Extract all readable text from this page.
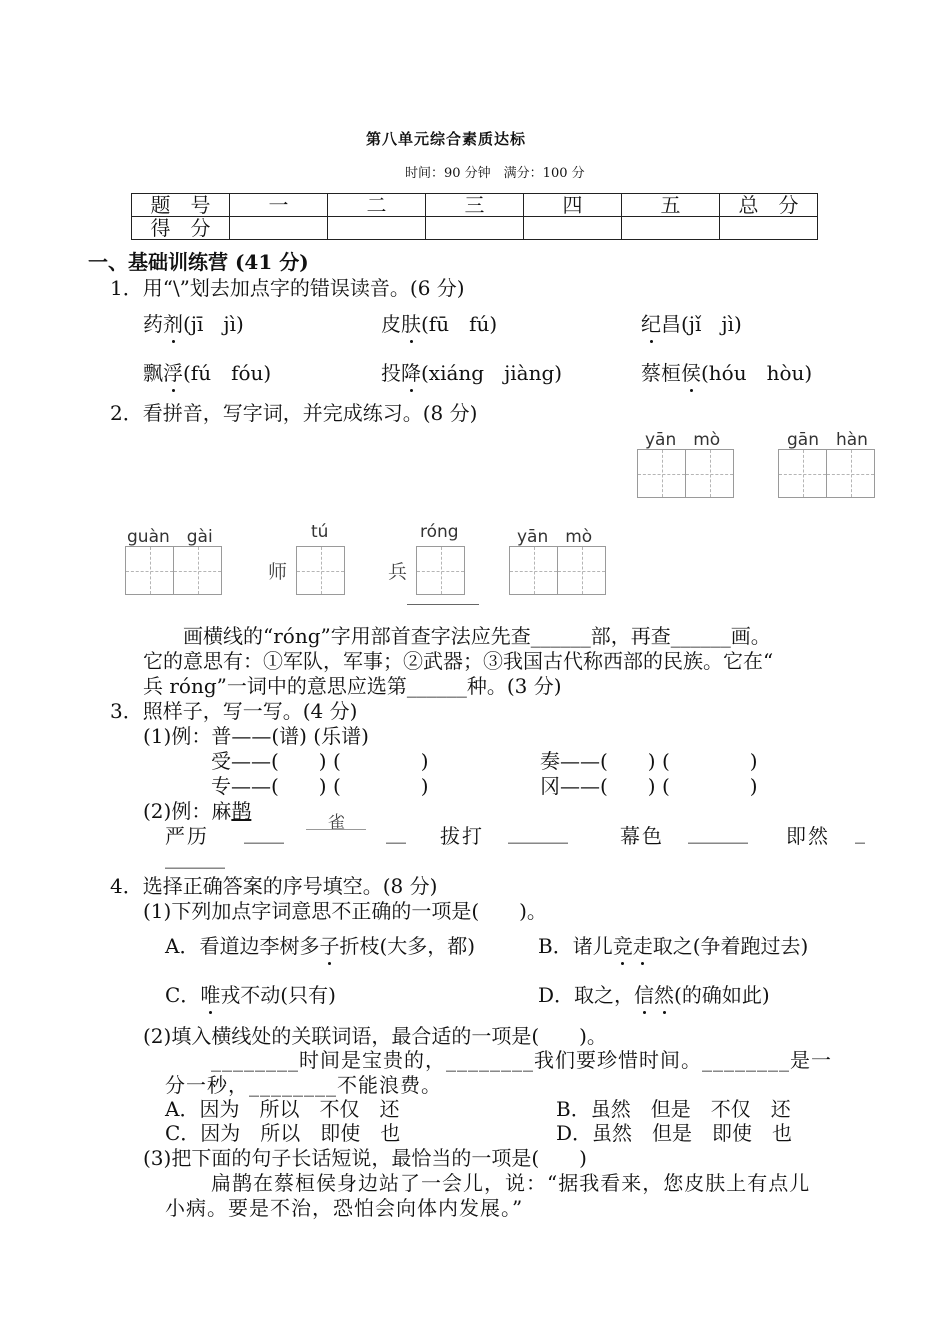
第八单元综合素质达标
时间：90 分钟　满分：100 分
题　号	一	二	三	四	五	总　分
得　分						
一、基础训练营 (41 分)
1．用“\”划去加点字的错误读音。(6 分)
药剂(jī　jì)	皮肤(fū　fú)	纪昌(jǐ　jì)
飘浮(fú　fóu)	投降(xiáng　jiàng)	蔡桓侯(hóu　hòu)
2．看拼音，写字词，并完成练习。(8 分)
yān　mò	gān　hàn
guàn　gài
师
tú
兵
róng	yān　mò
　　画横线的“róng”字用部首查字法应先查______部，再查______画。
它的意思有：①军队，军事；②武器；③我国古代称西部的民族。它在“
兵 róng”一词中的意思应选第______种。(3 分)
3．照样子，写一写。(4 分)
(1)例：普——(谱) (乐谱)
受——(　　) (　　　　)	奏——(　　) (　　　　)
专——(　　) (　　　　)	冈——(　　) (　　　　)
(2)例：麻鹊	雀
严历 ____	__ 拔打 ______	幕色 ______ 即然 _
______
4．选择正确答案的序号填空。(8 分)
(1)下列加点字词意思不正确的一项是(　　)。
A．看道边李树多子折枝(大多，都)	B．诸儿竞走取之(争着跑过去)
C．唯戎不动(只有)	D．取之，信然(的确如此)
(2)填入横线处的关联词语，最合适的一项是(　　)。
________时间是宝贵的，________我们要珍惜时间。________是一
分一秒，________不能浪费。
A．因为　所以　不仅　还	B．虽然　但是　不仅　还
C．因为　所以　即使　也	D．虽然　但是　即使　也
(3)把下面的句子长话短说，最恰当的一项是(　　)
扁鹊在蔡桓侯身边站了一会儿，说：“据我看来，您皮肤上有点儿
小病。要是不治，恐怕会向体内发展。”
